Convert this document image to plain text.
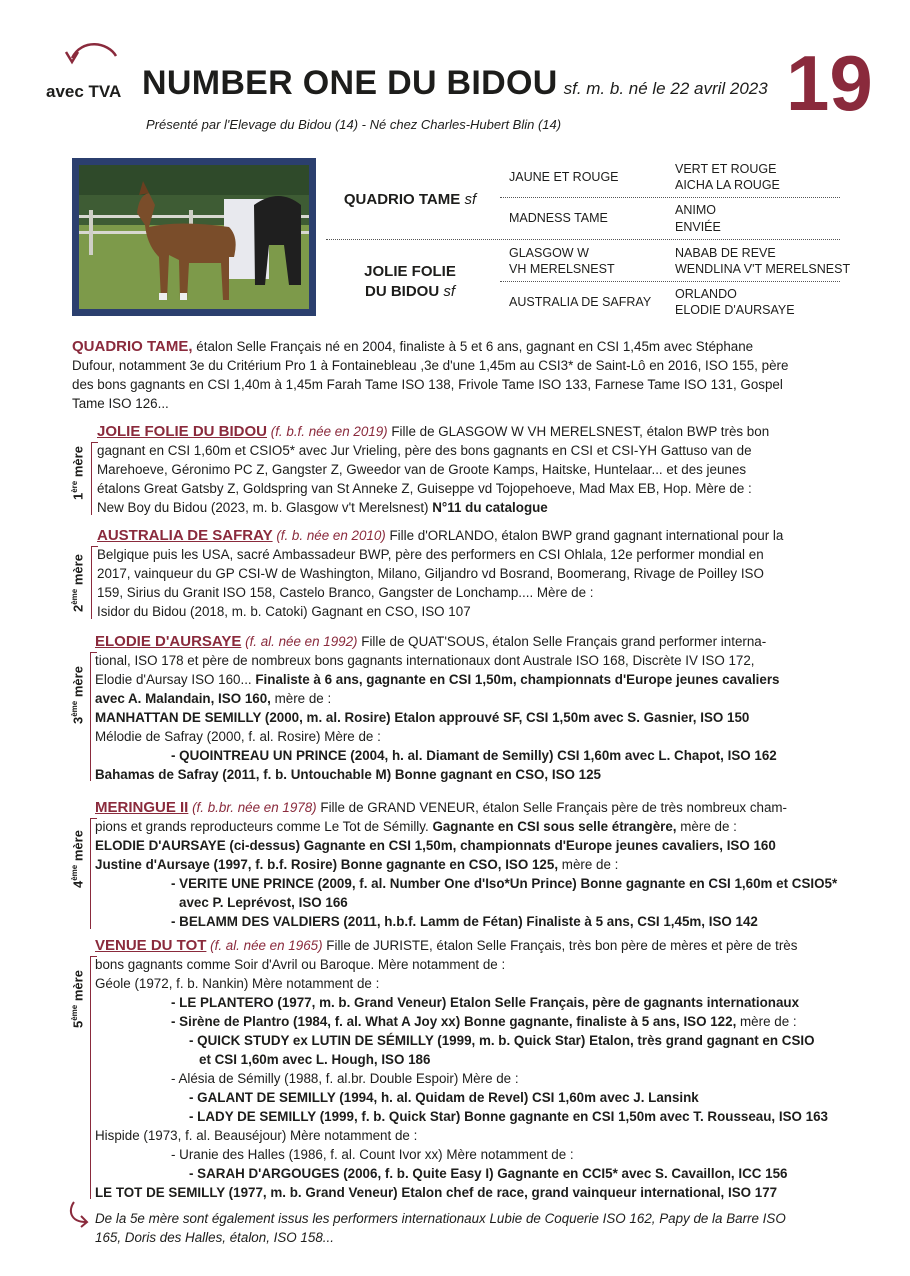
avec TVA NUMBER ONE DU BIDOU sf. m. b. né le 22 avril 2023 19
Présenté par l'Elevage du Bidou (14) - Né chez Charles-Hubert Blin (14)
QUADRIO TAME sf
JOLIE FOLIE
DU BIDOU sf
JAUNE ET ROUGE
MADNESS TAME
GLASGOW W
VH MERELSNEST
AUSTRALIA DE SAFRAY
VERT ET ROUGE
AICHA LA ROUGE
ANIMO
ENVIÉE
NABAB DE REVE
WENDLINA V'T MERELSNEST
ORLANDO
ELODIE D'AURSAYE
QUADRIO TAME, étalon Selle Français né en 2004, finaliste à 5 et 6 ans, gagnant en CSI 1,45m avec Stéphane
Dufour, notamment 3e du Critérium Pro 1 à Fontainebleau ,3e d'une 1,45m au CSI3* de Saint-Lô en 2016, ISO 155, père
des bons gagnants en CSI 1,40m à 1,45m Farah Tame ISO 138, Frivole Tame ISO 133, Farnese Tame ISO 131, Gospel
Tame ISO 126...
1ère mère
JOLIE FOLIE DU BIDOU (f. b.f. née en 2019) Fille de GLASGOW W VH MERELSNEST, étalon BWP très bon
gagnant en CSI 1,60m et CSIO5* avec Jur Vrieling, père des bons gagnants en CSI et CSI-YH Gattuso van de
Marehoeve, Géronimo PC Z, Gangster Z, Gweedor van de Groote Kamps, Haitske, Huntelaar... et des jeunes
étalons Great Gatsby Z, Goldspring van St Anneke Z, Guiseppe vd Tojopehoeve, Mad Max EB, Hop. Mère de :
New Boy du Bidou (2023, m. b. Glasgow v't Merelsnest) N°11 du catalogue
2ème mère
AUSTRALIA DE SAFRAY (f. b. née en 2010) Fille d'ORLANDO, étalon BWP grand gagnant international pour la
Belgique puis les USA, sacré Ambassadeur BWP, père des performers en CSI Ohlala, 12e performer mondial en
2017, vainqueur du GP CSI-W de Washington, Milano, Giljandro vd Bosrand, Boomerang, Rivage de Poilley ISO
159, Sirius du Granit ISO 158, Castelo Branco, Gangster de Lonchamp.... Mère de :
Isidor du Bidou (2018, m. b. Catoki) Gagnant en CSO, ISO 107
3ème mère
ELODIE D'AURSAYE (f. al. née en 1992) Fille de QUAT'SOUS, étalon Selle Français grand performer interna-
tional, ISO 178 et père de nombreux bons gagnants internationaux dont Australe ISO 168, Discrète IV ISO 172,
Elodie d'Aursay ISO 160... Finaliste à 6 ans, gagnante en CSI 1,50m, championnats d'Europe jeunes cavaliers
avec A. Malandain, ISO 160, mère de :
MANHATTAN DE SEMILLY (2000, m. al. Rosire) Etalon approuvé SF, CSI 1,50m avec S. Gasnier, ISO 150
Mélodie de Safray (2000, f. al. Rosire) Mère de :
- QUOINTREAU UN PRINCE (2004, h. al. Diamant de Semilly) CSI 1,60m avec L. Chapot, ISO 162
Bahamas de Safray (2011, f. b. Untouchable M) Bonne gagnant en CSO, ISO 125
4ème mère
MERINGUE II (f. b.br. née en 1978) Fille de GRAND VENEUR, étalon Selle Français père de très nombreux cham-
pions et grands reproducteurs comme Le Tot de Sémilly. Gagnante en CSI sous selle étrangère, mère de :
ELODIE D'AURSAYE (ci-dessus) Gagnante en CSI 1,50m, championnats d'Europe jeunes cavaliers, ISO 160
Justine d'Aursaye (1997, f. b.f. Rosire) Bonne gagnante en CSO, ISO 125, mère de :
- VERITE UNE PRINCE (2009, f. al. Number One d'Iso*Un Prince) Bonne gagnante en CSI 1,60m et CSIO5*
avec P. Leprévost, ISO 166
- BELAMM DES VALDIERS (2011, h.b.f. Lamm de Fétan) Finaliste à 5 ans, CSI 1,45m, ISO 142
5ème mère
VENUE DU TOT (f. al. née en 1965) Fille de JURISTE, étalon Selle Français, très bon père de mères et père de très
bons gagnants comme Soir d'Avril ou Baroque. Mère notamment de :
Géole (1972, f. b. Nankin) Mère notamment de :
- LE PLANTERO (1977, m. b. Grand Veneur) Etalon Selle Français, père de gagnants internationaux
- Sirène de Plantro (1984, f. al. What A Joy xx) Bonne gagnante, finaliste à 5 ans, ISO 122, mère de :
- QUICK STUDY ex LUTIN DE SÉMILLY (1999, m. b. Quick Star) Etalon, très grand gagnant en CSIO
et CSI 1,60m avec L. Hough, ISO 186
- Alésia de Sémilly (1988, f. al.br. Double Espoir) Mère de :
- GALANT DE SEMILLY (1994, h. al. Quidam de Revel) CSI 1,60m avec J. Lansink
- LADY DE SEMILLY (1999, f. b. Quick Star) Bonne gagnante en CSI 1,50m avec T. Rousseau, ISO 163
Hispide (1973, f. al. Beauséjour) Mère notamment de :
- Uranie des Halles (1986, f. al. Count Ivor xx) Mère notamment de :
- SARAH D'ARGOUGES (2006, f. b. Quite Easy I) Gagnante en CCI5* avec S. Cavaillon, ICC 156
LE TOT DE SEMILLY (1977, m. b. Grand Veneur) Etalon chef de race, grand vainqueur international, ISO 177
De la 5e mère sont également issus les performers internationaux Lubie de Coquerie ISO 162, Papy de la Barre ISO
165, Doris des Halles, étalon, ISO 158...
